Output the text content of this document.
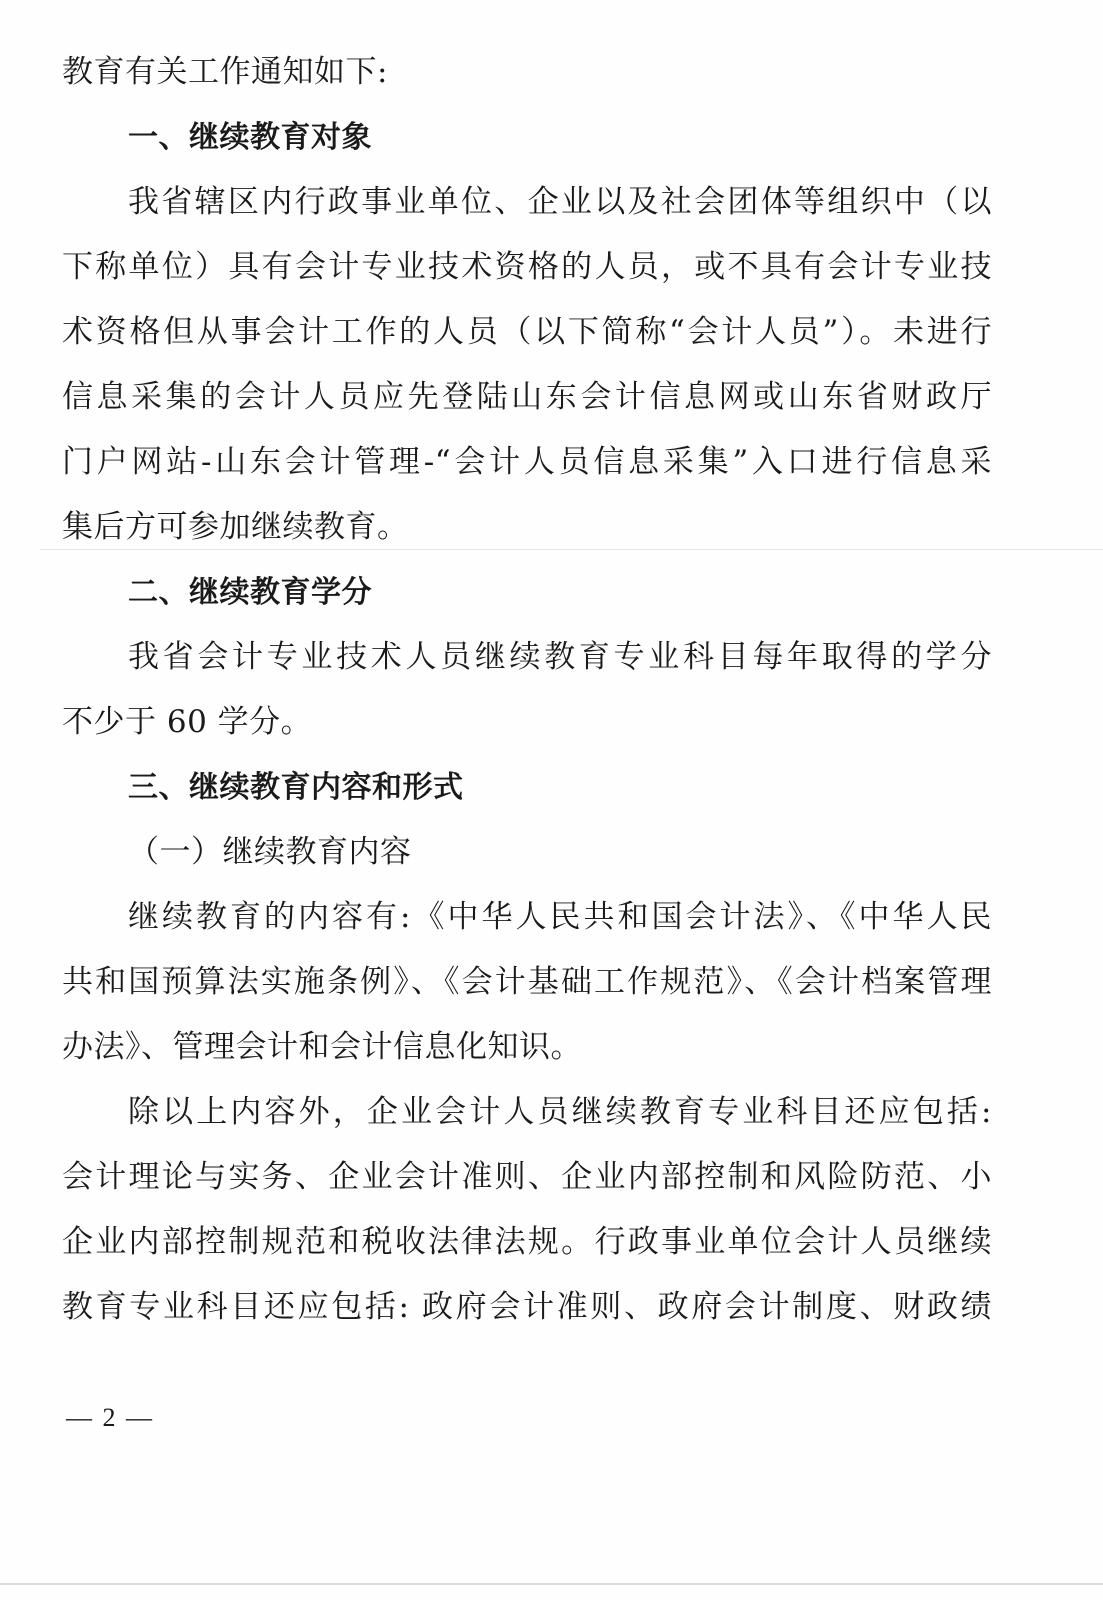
教育有关工作通知如下:
一、继续教育对象
我省辖区内行政事业单位、企业以及社会团体等组织中（以
下称单位）具有会计专业技术资格的人员，或不具有会计专业技
术资格但从事会计工作的人员（以下简称“会计人员”）。未进行
信息采集的会计人员应先登陆山东会计信息网或山东省财政厅
门户网站-山东会计管理-“会计人员信息采集”入口进行信息采
集后方可参加继续教育。
二、继续教育学分
我省会计专业技术人员继续教育专业科目每年取得的学分
不少于 60 学分。
三、继续教育内容和形式
（一）继续教育内容
继续教育的内容有:《中华人民共和国会计法》、《中华人民
共和国预算法实施条例》、《会计基础工作规范》、《会计档案管理
办法》、管理会计和会计信息化知识。
除以上内容外，企业会计人员继续教育专业科目还应包括:
会计理论与实务、企业会计准则、企业内部控制和风险防范、小
企业内部控制规范和税收法律法规。行政事业单位会计人员继续
教育专业科目还应包括: 政府会计准则、政府会计制度、财政绩
— 2 —
